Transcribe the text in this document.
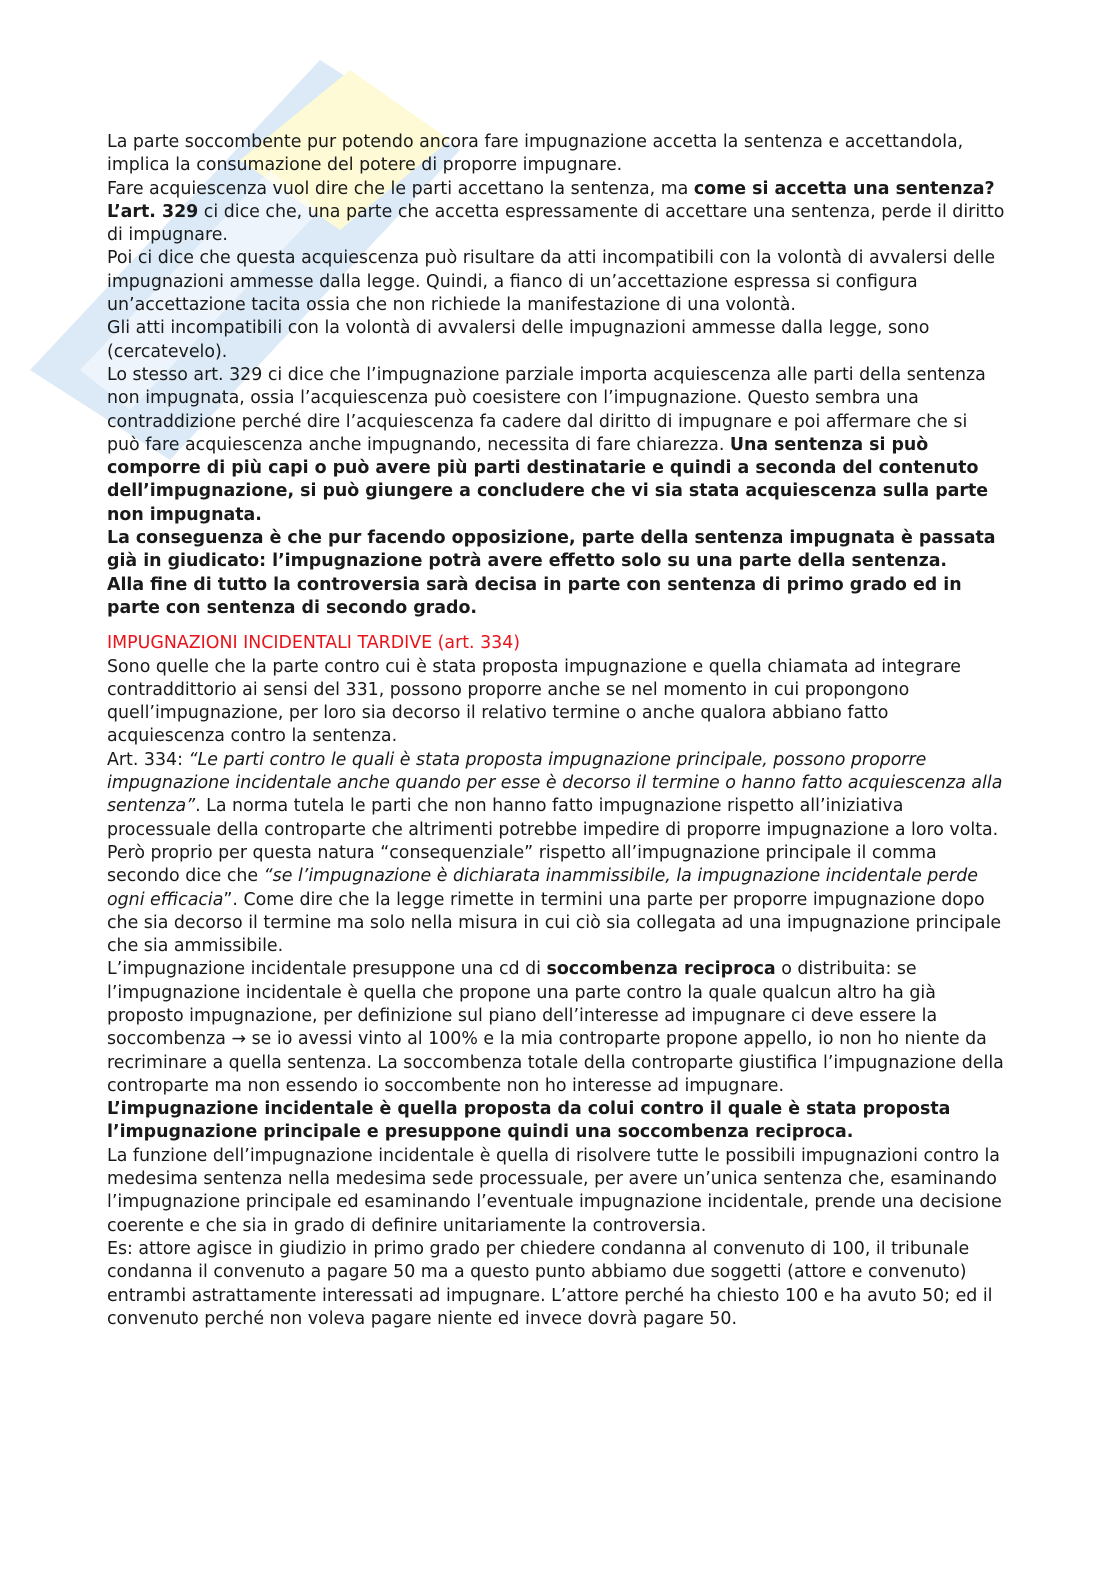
La parte soccombente pur potendo ancora fare impugnazione accetta la sentenza e accettandola, implica la consumazione del potere di proporre impugnare.

Fare acquiescenza vuol dire che le parti accettano la sentenza, ma come si accetta una sentenza? L’art. 329 ci dice che, una parte che accetta espressamente di accettare una sentenza, perde il diritto di impugnare.

Poi ci dice che questa acquiescenza può risultare da atti incompatibili con la volontà di avvalersi delle impugnazioni ammesse dalla legge. Quindi, a fianco di un’accettazione espressa si configura un’accettazione tacita ossia che non richiede la manifestazione di una volontà.

Gli atti incompatibili con la volontà di avvalersi delle impugnazioni ammesse dalla legge, sono (cercatevelo).

Lo stesso art. 329 ci dice che l’impugnazione parziale importa acquiescenza alle parti della sentenza non impugnata, ossia l’acquiescenza può coesistere con l’impugnazione. Questo sembra una contraddizione perché dire l’acquiescenza fa cadere dal diritto di impugnare e poi affermare che si può fare acquiescenza anche impugnando, necessita di fare chiarezza. Una sentenza si può comporre di più capi o può avere più parti destinatarie e quindi a seconda del contenuto dell’impugnazione, si può giungere a concludere che vi sia stata acquiescenza sulla parte non impugnata.

La conseguenza è che pur facendo opposizione, parte della sentenza impugnata è passata già in giudicato: l’impugnazione potrà avere effetto solo su una parte della sentenza.

Alla fine di tutto la controversia sarà decisa in parte con sentenza di primo grado ed in parte con sentenza di secondo grado.

IMPUGNAZIONI INCIDENTALI TARDIVE (art. 334)

Sono quelle che la parte contro cui è stata proposta impugnazione e quella chiamata ad integrare contraddittorio ai sensi del 331, possono proporre anche se nel momento in cui propongono quell’impugnazione, per loro sia decorso il relativo termine o anche qualora abbiano fatto acquiescenza contro la sentenza.

Art. 334: “Le parti contro le quali è stata proposta impugnazione principale, possono proporre impugnazione incidentale anche quando per esse è decorso il termine o hanno fatto acquiescenza alla sentenza”. La norma tutela le parti che non hanno fatto impugnazione rispetto all’iniziativa processuale della controparte che altrimenti potrebbe impedire di proporre impugnazione a loro volta.

Però proprio per questa natura “consequenziale” rispetto all’impugnazione principale il comma secondo dice che “se l’impugnazione è dichiarata inammissibile, la impugnazione incidentale perde ogni efficacia”. Come dire che la legge rimette in termini una parte per proporre impugnazione dopo che sia decorso il termine ma solo nella misura in cui ciò sia collegata ad una impugnazione principale che sia ammissibile.

L’impugnazione incidentale presuppone una cd di soccombenza reciproca o distribuita: se l’impugnazione incidentale è quella che propone una parte contro la quale qualcun altro ha già proposto impugnazione, per definizione sul piano dell’interesse ad impugnare ci deve essere la soccombenza → se io avessi vinto al 100% e la mia controparte propone appello, io non ho niente da recriminare a quella sentenza. La soccombenza totale della controparte giustifica l’impugnazione della controparte ma non essendo io soccombente non ho interesse ad impugnare.

L’impugnazione incidentale è quella proposta da colui contro il quale è stata proposta l’impugnazione principale e presuppone quindi una soccombenza reciproca.

La funzione dell’impugnazione incidentale è quella di risolvere tutte le possibili impugnazioni contro la medesima sentenza nella medesima sede processuale, per avere un’unica sentenza che, esaminando l’impugnazione principale ed esaminando l’eventuale impugnazione incidentale, prende una decisione coerente e che sia in grado di definire unitariamente la controversia.

Es: attore agisce in giudizio in primo grado per chiedere condanna al convenuto di 100, il tribunale condanna il convenuto a pagare 50 ma a questo punto abbiamo due soggetti (attore e convenuto) entrambi astrattamente interessati ad impugnare. L’attore perché ha chiesto 100 e ha avuto 50; ed il convenuto perché non voleva pagare niente ed invece dovrà pagare 50.
